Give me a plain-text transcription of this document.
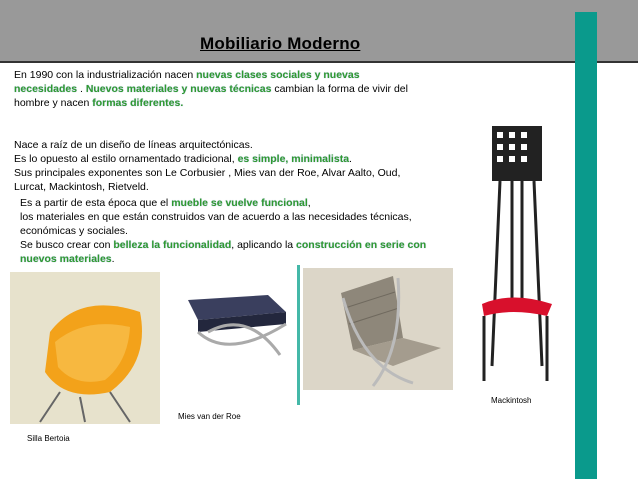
Mobiliario Moderno
En 1990 con la industrialización nacen nuevas clases sociales y nuevas necesidades . Nuevos materiales y nuevas técnicas cambian la forma de vivir del hombre y nacen formas diferentes.
Nace a raíz de un diseño de líneas arquitectónicas.
Es lo opuesto al estilo ornamentado tradicional, es simple, minimalista.
Sus principales exponentes son Le Corbusier , Mies van der Roe, Alvar Aalto, Oud, Lurcat, Mackintosh, Rietveld.
Es a partir de esta época que el mueble se vuelve funcional,
los materiales en que están construidos van de acuerdo a las necesidades técnicas, económicas y sociales.
Se busco crear con belleza la funcionalidad, aplicando la construcción en serie con nuevos materiales.
Silla Bertoia
Mies van der Roe
Mackintosh
